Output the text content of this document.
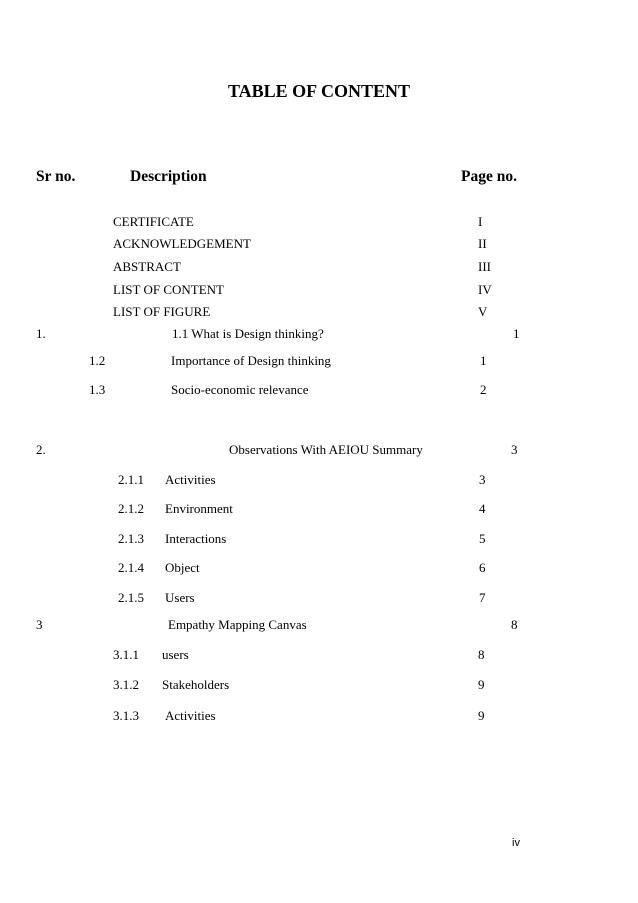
TABLE OF CONTENT
Sr no.	Description	Page no.
CERTIFICATE	I
ACKNOWLEDGEMENT	II
ABSTRACT	III
LIST OF CONTENT	IV
LIST OF FIGURE	V
1.	1.1 What is Design thinking?	1
1.2	Importance of Design thinking	1
1.3	Socio-economic relevance	2
2.	Observations With AEIOU Summary	3
2.1.1 Activities	3
2.1.2 Environment	4
2.1.3 Interactions	5
2.1.4 Object	6
2.1.5 Users	7
3	Empathy Mapping Canvas	8
3.1.1 users	8
3.1.2 Stakeholders	9
3.1.3 Activities	9
iv
